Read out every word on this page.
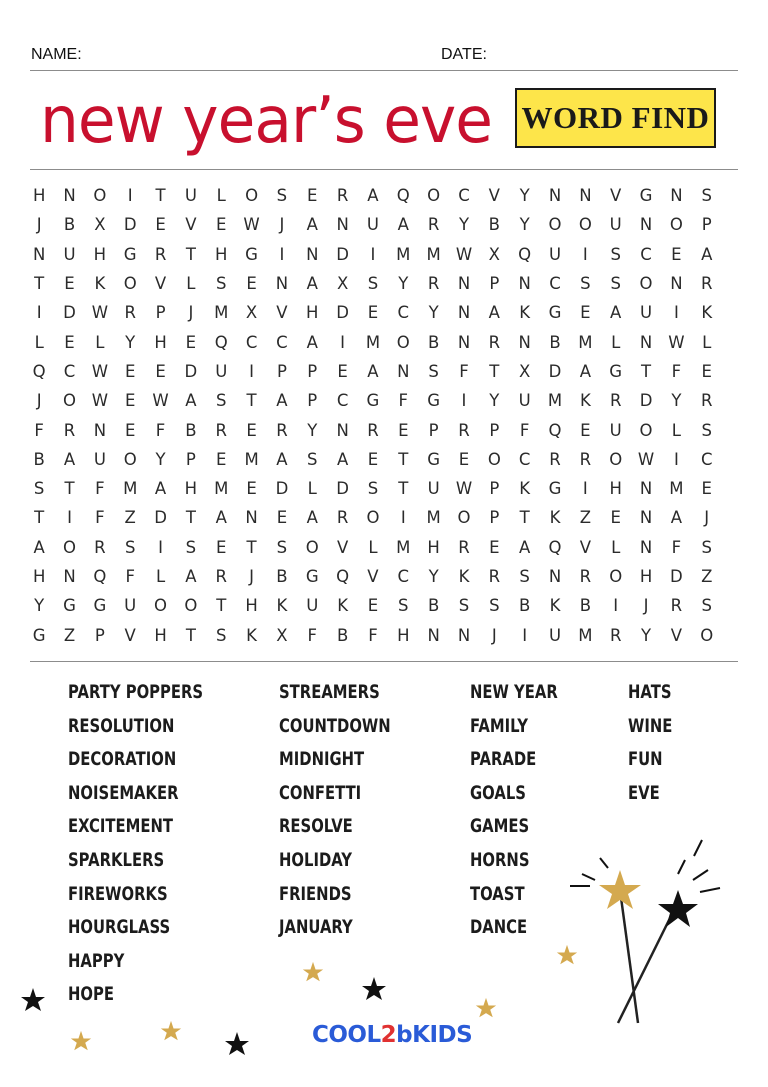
NAME:	DATE:
new year’s eve WORD FIND
H	N	O	I	T	U	L	O	S	E	R	A	Q	O	C	V	Y	N	N	V	G	N	S
J	B	X	D	E	V	E	W	J	A	N	U	A	R	Y	B	Y	O	O	U	N	O	P
N	U	H	G	R	T	H	G	I	N	D	I	M M W	X	Q	U	I	S	C	E	A
T	E	K	O	V	L	S	E	N	A	X	S	Y	R	N	P	N	C	S	S	O	N	R
I	D W R	P	J	M	X	V	H	D	E	C	Y	N	A	K	G	E	A	U	I	K
L	E	L	Y	H	E	Q	C	C	A	I	M	O	B	N	R	N	B	M	L	N W	L
Q	C W	E	E	D	U	I	P	P	E	A	N	S	F	T	X	D	A	G	T	F	E
J	O W	E	W	A	S	T	A	P	C	G	F	G	I	Y	U	M	K	R	D	Y	R
F	R	N	E	F	B	R	E	R	Y	N	R	E	P	R	P	F	Q	E	U	O	L	S
B	A	U	O	Y	P	E	M	A	S	A	E	T	G	E	O	C	R	R	O W	I	C
S	T	F	M	A	H	M	E	D	L	D	S	T	U W	P	K	G	I	H	N	M	E
T	I	F	Z	D	T	A	N	E	A	R	O	I	M	O	P	T	K	Z	E	N	A	J
A	O	R	S	I	S	E	T	S	O	V	L	M	H	R	E	A	Q	V	L	N	F	S
H	N	Q	F	L	A	R	J	B	G	Q	V	C	Y	K	R	S	N	R	O	H	D	Z
Y	G	G	U	O	O	T	H	K	U	K	E	S	B	S	S	B	K	B	I	J	R	S
G	Z	P	V	H	T	S	K	X	F	B	F	H	N	N	J	I	U	M	R	Y	V	O
PARTY POPPERS
RESOLUTION
DECORATION
NOISEMAKER
EXCITEMENT
SPARKLERS
FIREWORKS
HOURGLASS
HAPPY
HOPE
STREAMERS
COUNTDOWN
MIDNIGHT
CONFETTI
RESOLVE
HOLIDAY
FRIENDS
JANUARY
NEW YEAR
FAMILY
PARADE
GOALS
GAMES
HORNS
TOAST
DANCE
HATS
WINE
FUN
EVE
COOL2bKIDS
